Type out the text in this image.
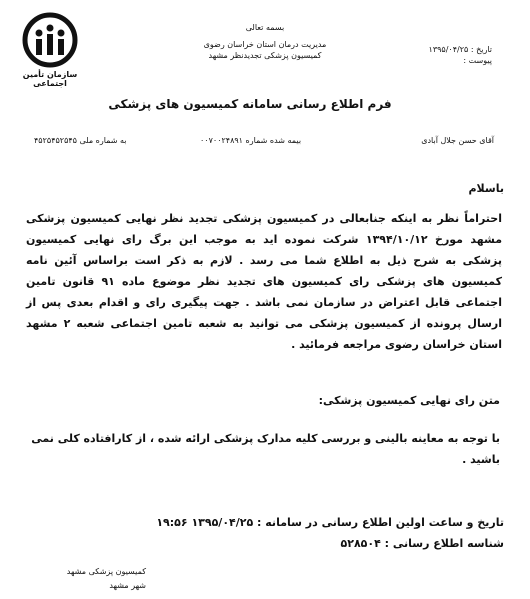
سازمان تأمین اجتماعی
بسمه تعالی
مدیریت درمان استان خراسان رضوی
کمیسیون پزشکی تجدیدنظر مشهد
تاریخ : ۱۳۹۵/۰۴/۲۵
پیوست :
فرم اطلاع رسانی سامانه کمیسیون های پزشکی
آقای حسن جلال آبادی
بیمه شده شماره ۰۰۷۰۰۲۴۸۹۱
به شماره ملی ۴۵۲۵۴۵۲۵۴۵
باسلام
احتراماً نظر به اینکه جنابعالی در کمیسیون پزشکی تجدید نظر نهایی کمیسیون پزشکی مشهد مورخ ۱۳۹۴/۱۰/۱۲ شرکت نموده اید به موجب این برگ رای نهایی کمیسیون پزشکی به شرح ذیل به اطلاع شما می رسد . لازم به ذکر است براساس آئین نامه کمیسیون های پزشکی رای کمیسیون های تجدید نظر موضوع ماده ۹۱ قانون تامین اجتماعی قابل اعتراض در سازمان نمی باشد . جهت پیگیری رای و اقدام بعدی پس از ارسال پرونده از کمیسیون پزشکی می توانید به شعبه تامین اجتماعی شعبه ۲ مشهد استان خراسان رضوی مراجعه فرمائید .
متن رای نهایی کمیسیون پزشکی:
با توجه به معاینه بالینی و بررسی کلیه مدارک پزشکی ارائه شده ، از کارافتاده کلی نمی باشید .
تاریخ و ساعت اولین اطلاع رسانی در سامانه : ۱۳۹۵/۰۴/۲۵ ۱۹:۵۶
شناسه اطلاع رسانی : ۵۲۸۵۰۴
کمیسیون پزشکی مشهد
شهر مشهد
